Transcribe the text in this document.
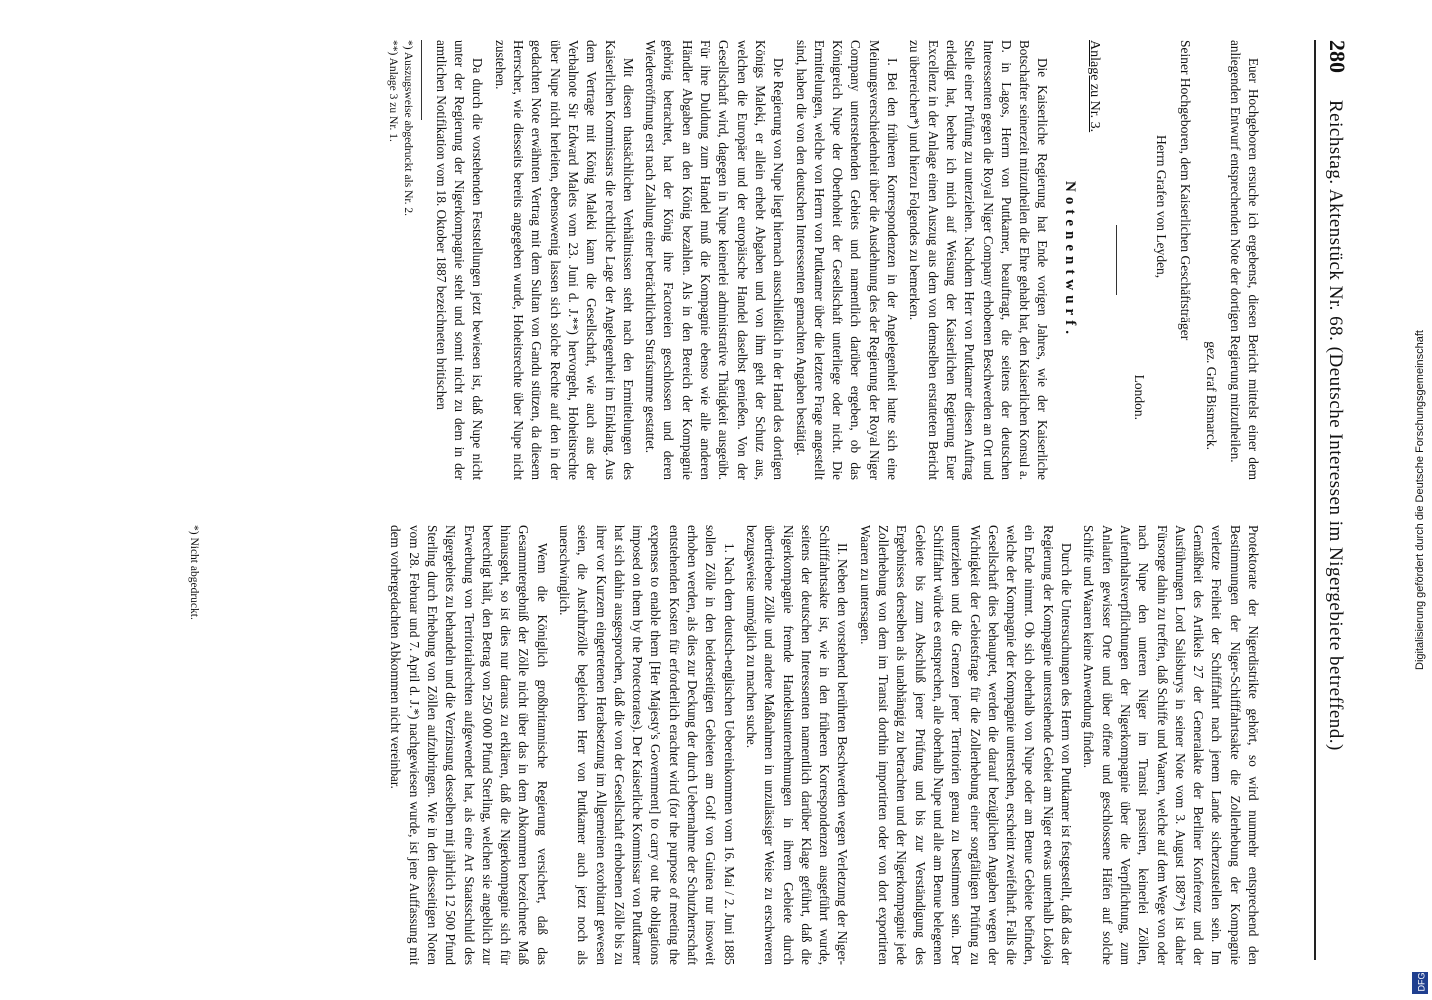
280
Reichstag. Aktenstück Nr. 68. (Deutsche Interessen im Nigergebiete betreffend.)

Euer Hochgeboren ersuche ich ergebenst, diesen Bericht mittelst einer dem anliegenden Entwurf entsprechenden Note der dortigen Regierung mitzutheilen.

gez. Graf Bismarck.
Seiner Hochgeboren, dem Kaiserlichen Geschäftsträger
Herrn Grafen von Leyden,
London.
Anlage zu Nr. 3.
Notenentwurf.

Die Kaiserliche Regierung hat Ende vorigen Jahres, wie der Kaiserliche Botschafter seinerzeit mitzutheilen die Ehre gehabt hat, den Kaiserlichen Konsul a. D. in Lagos, Herrn von Puttkamer, beauftragt, die seitens der deutschen Interessenten gegen die Royal Niger Company erhobenen Beschwerden an Ort und Stelle einer Prüfung zu unterziehen. Nachdem Herr von Puttkamer diesen Auftrag erledigt hat, beehre ich mich auf Weisung der Kaiserlichen Regierung Euer Excellenz in der Anlage einen Auszug aus dem von demselben erstatteten Bericht zu überreichen*) und hierzu Folgendes zu bemerken.

I. Bei den früheren Korrespondenzen in der Angelegenheit hatte sich eine Meinungsverschiedenheit über die Ausdehnung des der Regierung der Royal Niger Company unterstehenden Gebiets und namentlich darüber ergeben, ob das Königreich Nupe der Oberhoheit der Gesellschaft unterliege oder nicht. Die Ermittelungen, welche von Herrn von Puttkamer über die letztere Frage angestellt sind, haben die von den deutschen Interessenten gemachten Angaben bestätigt.

Die Regierung von Nupe liegt hiernach ausschließlich in der Hand des dortigen Königs Maleki, er allein erhebt Abgaben und von ihm geht der Schutz aus, welchen die Europäer und der europäische Handel daselbst genießen. Von der Gesellschaft wird, dagegen in Nupe keinerlei administrative Thätigkeit ausgeübt. Für ihre Duldung zum Handel muß die Kompagnie ebenso wie alle anderen Händler Abgaben an den König bezahlen. Als in den Bereich der Kompagnie gehörig betrachtet, hat der König ihre Factoreien geschlossen und deren Wiedereröffnung erst nach Zahlung einer beträchtlichen Strafsumme gestattet.

Mit diesen thatsächlichen Verhältnissen steht nach den Ermittelungen des Kaiserlichen Kommissars die rechtliche Lage der Angelegenheit im Einklang. Aus dem Vertrage mit König Maleki kann die Gesellschaft, wie auch aus der Verbalnote Sir Edward Malets vom 23. Juni d. J.**) hervorgeht, Hoheitsrechte über Nupe nicht herleiten, ebensowenig lassen sich solche Rechte auf den in der gedachten Note erwähnten Vertrag mit dem Sultan von Gandu stützen, da diesem Herrscher, wie diesseits bereits angegeben wurde, Hoheitsrechte über Nupe nicht zustehen.

Da durch die vorstehenden Feststellungen jetzt bewiesen ist, daß Nupe nicht unter der Regierung der Nigerkompagnie steht und somit nicht zu dem in der amtlichen Notifikation vom 18. Oktober 1887 bezeichneten britischen

*) Auszugsweise abgedruckt als Nr. 2.

**) Anlage 3 zu Nr. 1.

Protektorate der Nigerdistrikte gehört, so wird nunmehr entsprechend den Bestimmungen der Niger-Schifffahrtsakte die Zollerhebung der Kompagnie verletzte Freiheit der Schifffahrt nach jenem Lande sicherzustellen sein. Im Gemäßheit des Artikels 27 der Generalakte der Berliner Konferenz und der Ausführungen Lord Salisburys in seiner Note vom 3. August 1887*) ist daher Fürsorge dahin zu treffen, daß Schiffe und Waaren, welche auf dem Wege von oder nach Nupe den unteren Niger im Transit passiren, keinerlei Zöllen, Aufenthaltsverpflichtungen der Nigerkompagnie über die Verpflichtung, zum Anlaufen gewisser Orte und über offene und geschlossene Häfen auf solche Schiffe und Waaren keine Anwendung finden.

Durch die Untersuchungen des Herrn von Puttkamer ist festgestellt, daß das der Regierung der Kompagnie unterstehende Gebiet am Niger etwas unterhalb Lokoja ein Ende nimmt. Ob sich oberhalb von Nupe oder am Benue Gebiete befinden, welche der Kompagnie der Kompagnie unterstehen, erscheint zweifelhaft. Falls die Gesellschaft dies behauptet, werden die darauf bezüglichen Angaben wegen der Wichtigkeit der Gebietsfrage für die Zollerhebung einer sorgfältigen Prüfung zu unterziehen und die Grenzen jener Territorien genau zu bestimmen sein. Der Schifffahrt würde es entsprechen, alle oberhalb Nupe und alle am Benue belegenen Gebiete bis zum Abschluß jener Prüfung und bis zur Verständigung des Ergebnisses derselben als unabhängig zu betrachten und der Nigerkompagnie jede Zollerhebung von dem im Transit dorthin importirten oder von dort exportirten Waaren zu untersagen.

II. Neben den vorstehend berührten Beschwerden wegen Verletzung der Niger-Schifffahrtsakte ist, wie in den früheren Korrespondenzen ausgeführt wurde, seitens der deutschen Interessenten namentlich darüber Klage geführt, daß die Nigerkompagnie fremde Handelsunternehmungen in ihrem Gebiete durch übertriebene Zölle und andere Maßnahmen in unzulässiger Weise zu erschweren bezugsweise unmöglich zu machen suche.

1. Nach dem deutsch-englischen Uebereinkommen vom 16. Mai / 2. Juni 1885 sollen Zölle in den beiderseitigen Gebieten am Golf von Guinea nur insoweit erhoben werden, als dies zur Deckung der durch Uebernahme der Schutzherrschaft entstehenden Kosten für erforderlich erachtet wird (for the purpose of meeting the expenses to enable them [Her Majesty's Government] to carry out the obligations imposed on them by the Protectorates). Der Kaiserliche Kommissar von Puttkamer hat sich dahin ausgesprochen, daß die von der Gesellschaft erhobenen Zölle bis zu ihrer vor Kurzem eingetretenen Herabsetzung im Allgemeinen exorbitant gewesen seien, die Ausfuhrzölle begleichen Herr von Puttkamer auch jetzt noch als unerschwinglich.

Wenn die Königlich großbritannische Regierung versichert, daß das Gesammtergebniß der Zölle nicht über das in dem Abkommen bezeichnete Maß hinausgeht, so ist dies nur daraus zu erklären, daß die Nigerkompagnie sich für berechtigt hält, den Betrag von 250 000 Pfund Sterling, welchen sie angeblich zur Erwerbung von Territorialrechten aufgewendet hat, als eine Art Staatsschuld des Nigergebiets zu behandeln und die Verzinsung desselben mit jährlich 12 500 Pfund Sterling durch Erhebung von Zöllen aufzubringen. Wie in den diesseitigen Noten vom 28. Februar und 7. April d. J.*) nachgewiesen wurde, ist jene Auffassung mit dem vorhergedachten Abkommen nicht vereinbar.

*) Nicht abgedruckt.	Digitalisierung gefördert durch die Deutsche Forschungsgemeinschaft
DFG
